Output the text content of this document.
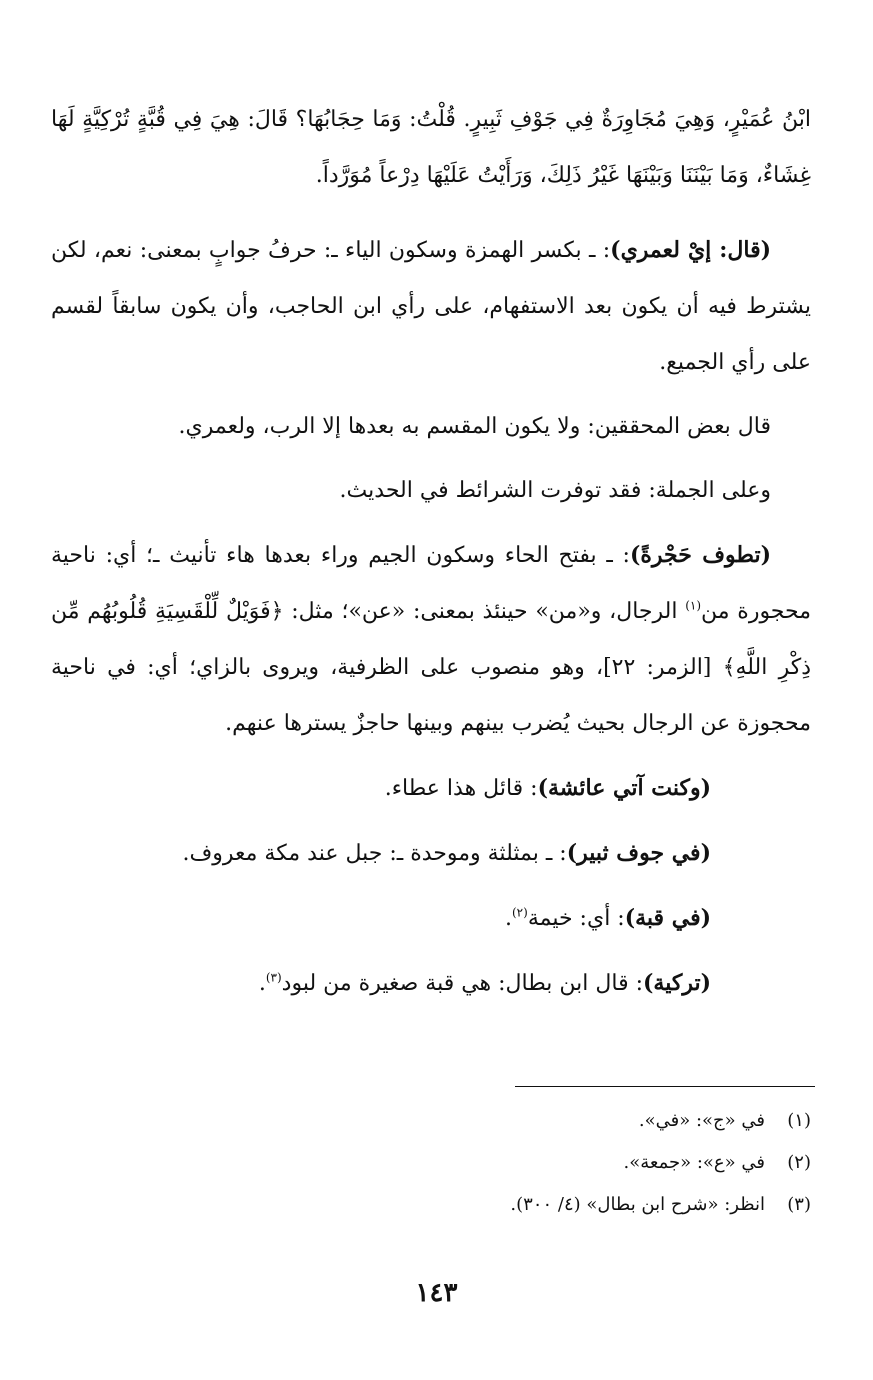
ابْنُ عُمَيْرٍ، وَهِيَ مُجَاوِرَةٌ فِي جَوْفِ ثَبِيرٍ. قُلْتُ: وَمَا حِجَابُهَا؟ قَالَ: هِيَ فِي قُبَّةٍ تُرْكِيَّةٍ لَهَا غِشَاءٌ، وَمَا بَيْنَنَا وَبَيْنَهَا غَيْرُ ذَلِكَ، وَرَأَيْتُ عَلَيْهَا دِرْعاً مُوَرَّداً.

(قال: إيْ لعمري): ـ بكسر الهمزة وسكون الياء ـ: حرفُ جوابٍ بمعنى: نعم، لكن يشترط فيه أن يكون بعد الاستفهام، على رأي ابن الحاجب، وأن يكون سابقاً لقسم على رأي الجميع.

قال بعض المحققين: ولا يكون المقسم به بعدها إلا الرب، ولعمري.

وعلى الجملة: فقد توفرت الشرائط في الحديث.

(تطوف حَجْرةً): ـ بفتح الحاء وسكون الجيم وراء بعدها هاء تأنيث ـ؛ أي: ناحية محجورة من$^{(١)}$ الرجال، و«من» حينئذ بمعنى: «عن»؛ مثل: ﴿فَوَيْلٌ لِّلْقَسِيَةِ قُلُوبُهُم مِّن ذِكْرِ اللَّهِ﴾ [الزمر: ٢٢]، وهو منصوب على الظرفية، ويروى بالزاي؛ أي: في ناحية محجوزة عن الرجال بحيث يُضرب بينهم وبينها حاجزٌ يسترها عنهم.

(وكنت آتي عائشة): قائل هذا عطاء.

(في جوف ثبير): ـ بمثلثة وموحدة ـ: جبل عند مكة معروف.

(في قبة): أي: خيمة$^{(٢)}$.

(تركية): قال ابن بطال: هي قبة صغيرة من لبود$^{(٣)}$.

(١)في «ج»: «في».

(٢)في «ع»: «جمعة».

(٣)انظر: «شرح ابن بطال» (٤/ ٣٠٠).

١٤٣
